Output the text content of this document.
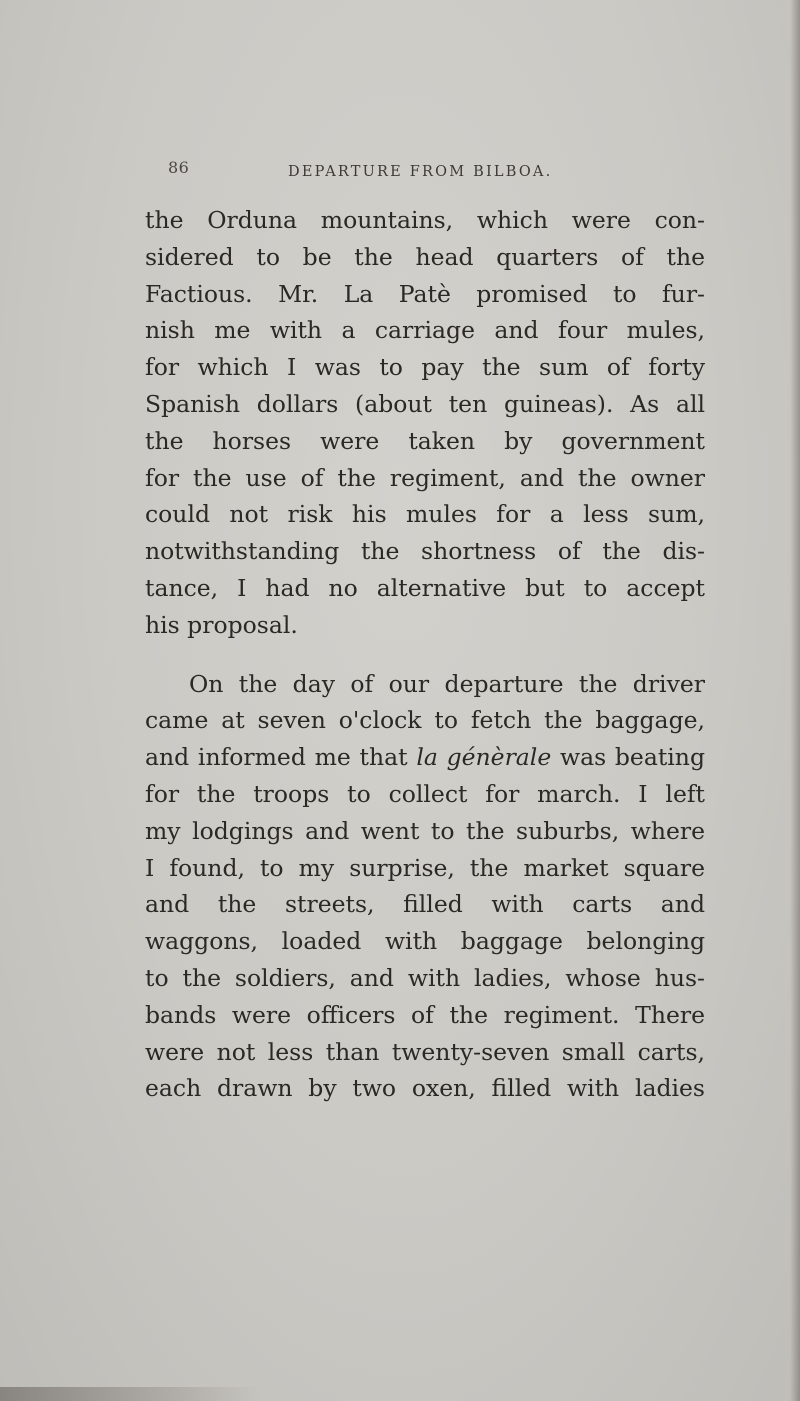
86	DEPARTURE FROM BILBOA.
the Orduna mountains, which were con-
sidered to be the head quarters of the
Factious. Mr. La Patè promised to fur-
nish me with a carriage and four mules,
for which I was to pay the sum of forty
Spanish dollars (about ten guineas). As all
the horses were taken by government
for the use of the regiment, and the owner
could not risk his mules for a less sum,
notwithstanding the shortness of the dis-
tance, I had no alternative but to accept
his proposal.
On the day of our departure the driver
came at seven o'clock to fetch the baggage,
and informed me that la génèrale was beating
for the troops to collect for march. I left
my lodgings and went to the suburbs, where
I found, to my surprise, the market square
and the streets, filled with carts and
waggons, loaded with baggage belonging
to the soldiers, and with ladies, whose hus-
bands were officers of the regiment. There
were not less than twenty-seven small carts,
each drawn by two oxen, filled with ladies
